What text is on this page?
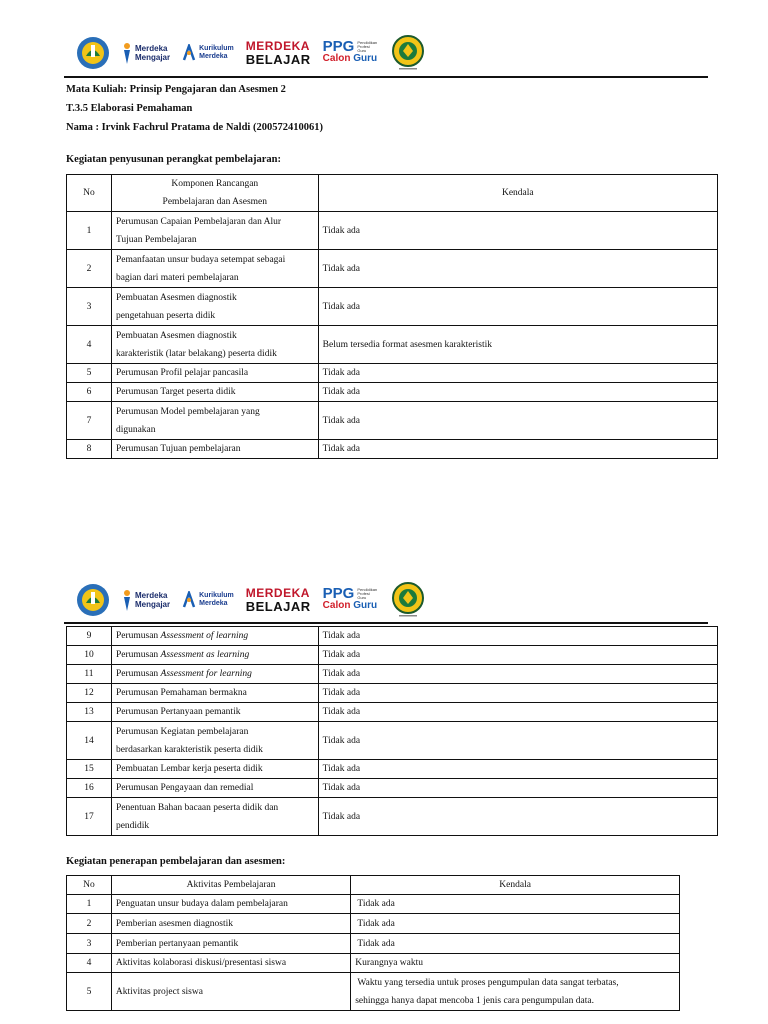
Merdeka
Mengajar
Kurikulum
Merdeka
MERDEKA
BELAJAR
PPG Pendidikan Profesi Guru
Calon Guru
Mata Kuliah: Prinsip Pengajaran dan Asesmen 2
T.3.5 Elaborasi Pemahaman
Nama : Irvink Fachrul Pratama de Naldi (200572410061)
Kegiatan penyusunan perangkat pembelajaran:
No	Komponen Rancangan
Pembelajaran dan Asesmen	Kendala
1	Perumusan Capaian Pembelajaran dan Alur
Tujuan Pembelajaran	Tidak ada
2	Pemanfaatan unsur budaya setempat sebagai
bagian dari materi pembelajaran	Tidak ada
3	Pembuatan Asesmen diagnostik
pengetahuan peserta didik	Tidak ada
4	Pembuatan Asesmen diagnostik
karakteristik (latar belakang) peserta didik	Belum tersedia format asesmen karakteristik
5	Perumusan Profil pelajar pancasila	Tidak ada
6	Perumusan Target peserta didik	Tidak ada
7	Perumusan Model pembelajaran yang
digunakan	Tidak ada
8	Perumusan Tujuan pembelajaran	Tidak ada
Merdeka
Mengajar
Kurikulum
Merdeka
MERDEKA
BELAJAR
PPG Pendidikan Profesi Guru
Calon Guru
9	Perumusan Assessment of learning	Tidak ada
10	Perumusan Assessment as learning	Tidak ada
11	Perumusan Assessment for learning	Tidak ada
12	Perumusan Pemahaman bermakna	Tidak ada
13	Perumusan Pertanyaan pemantik	Tidak ada
14	Perumusan Kegiatan pembelajaran
berdasarkan karakteristik peserta didik	Tidak ada
15	Pembuatan Lembar kerja peserta didik	Tidak ada
16	Perumusan Pengayaan dan remedial	Tidak ada
17	Penentuan Bahan bacaan peserta didik dan
pendidik	Tidak ada
Kegiatan penerapan pembelajaran dan asesmen:
No	Aktivitas Pembelajaran	Kendala
1	Penguatan unsur budaya dalam pembelajaran	Tidak ada
2	Pemberian asesmen diagnostik	Tidak ada
3	Pemberian pertanyaan pemantik	Tidak ada
4	Aktivitas kolaborasi diskusi/presentasi siswa	Kurangnya waktu
5	Aktivitas project siswa	Waktu yang tersedia untuk proses pengumpulan data sangat terbatas,
sehingga hanya dapat mencoba 1 jenis cara pengumpulan data.
